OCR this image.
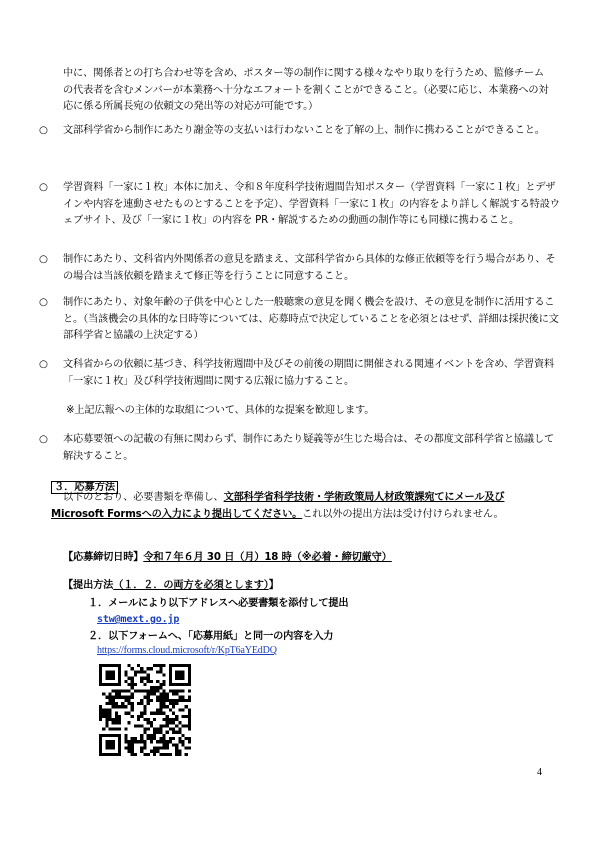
中に、関係者との打ち合わせ等を含め、ポスター等の制作に関する様々なやり取りを行うため、監修チームの代表者を含むメンバーが本業務へ十分なエフォートを割くことができること。（必要に応じ、本業務への対応に係る所属長宛の依頼文の発出等の対応が可能です。）
○ 文部科学省から制作にあたり謝金等の支払いは行わないことを了解の上、制作に携わることができること。
○ 学習資料「一家に１枚」本体に加え、令和８年度科学技術週間告知ポスター（学習資料「一家に１枚」とデザインや内容を連動させたものとすることを予定）、学習資料「一家に１枚」の内容をより詳しく解説する特設ウェブサイト、及び「一家に１枚」の内容を PR・解説するための動画の制作等にも同様に携わること。
○ 制作にあたり、文科省内外関係者の意見を踏まえ、文部科学省から具体的な修正依頼等を行う場合があり、その場合は当該依頼を踏まえて修正等を行うことに同意すること。
○ 制作にあたり、対象年齢の子供を中心とした一般聴衆の意見を聞く機会を設け、その意見を制作に活用すること。（当該機会の具体的な日時等については、応募時点で決定していることを必須とはせず、詳細は採択後に文部科学省と協議の上決定する）
○ 文科省からの依頼に基づき、科学技術週間中及びその前後の期間に開催される関連イベントを含め、学習資料「一家に１枚」及び科学技術週間に関する広報に協力すること。
※上記広報への主体的な取組について、具体的な提案を歓迎します。
○ 本応募要領への記載の有無に関わらず、制作にあたり疑義等が生じた場合は、その都度文部科学省と協議して解決すること。
３．応募方法
以下のとおり、必要書類を準備し、文部科学省科学技術・学術政策局人材政策課宛てにメール及びMicrosoft Formsへの入力により提出してください。これ以外の提出方法は受け付けられません。
【応募締切日時】令和７年６月 30 日（月）18 時（※必着・締切厳守）
【提出方法（１．２．の両方を必須とします）】
１．メールにより以下アドレスへ必要書類を添付して提出
stw@mext.go.jp
２．以下フォームへ、「応募用紙」と同一の内容を入力
https://forms.cloud.microsoft/r/KpT6aYEdDQ
4
